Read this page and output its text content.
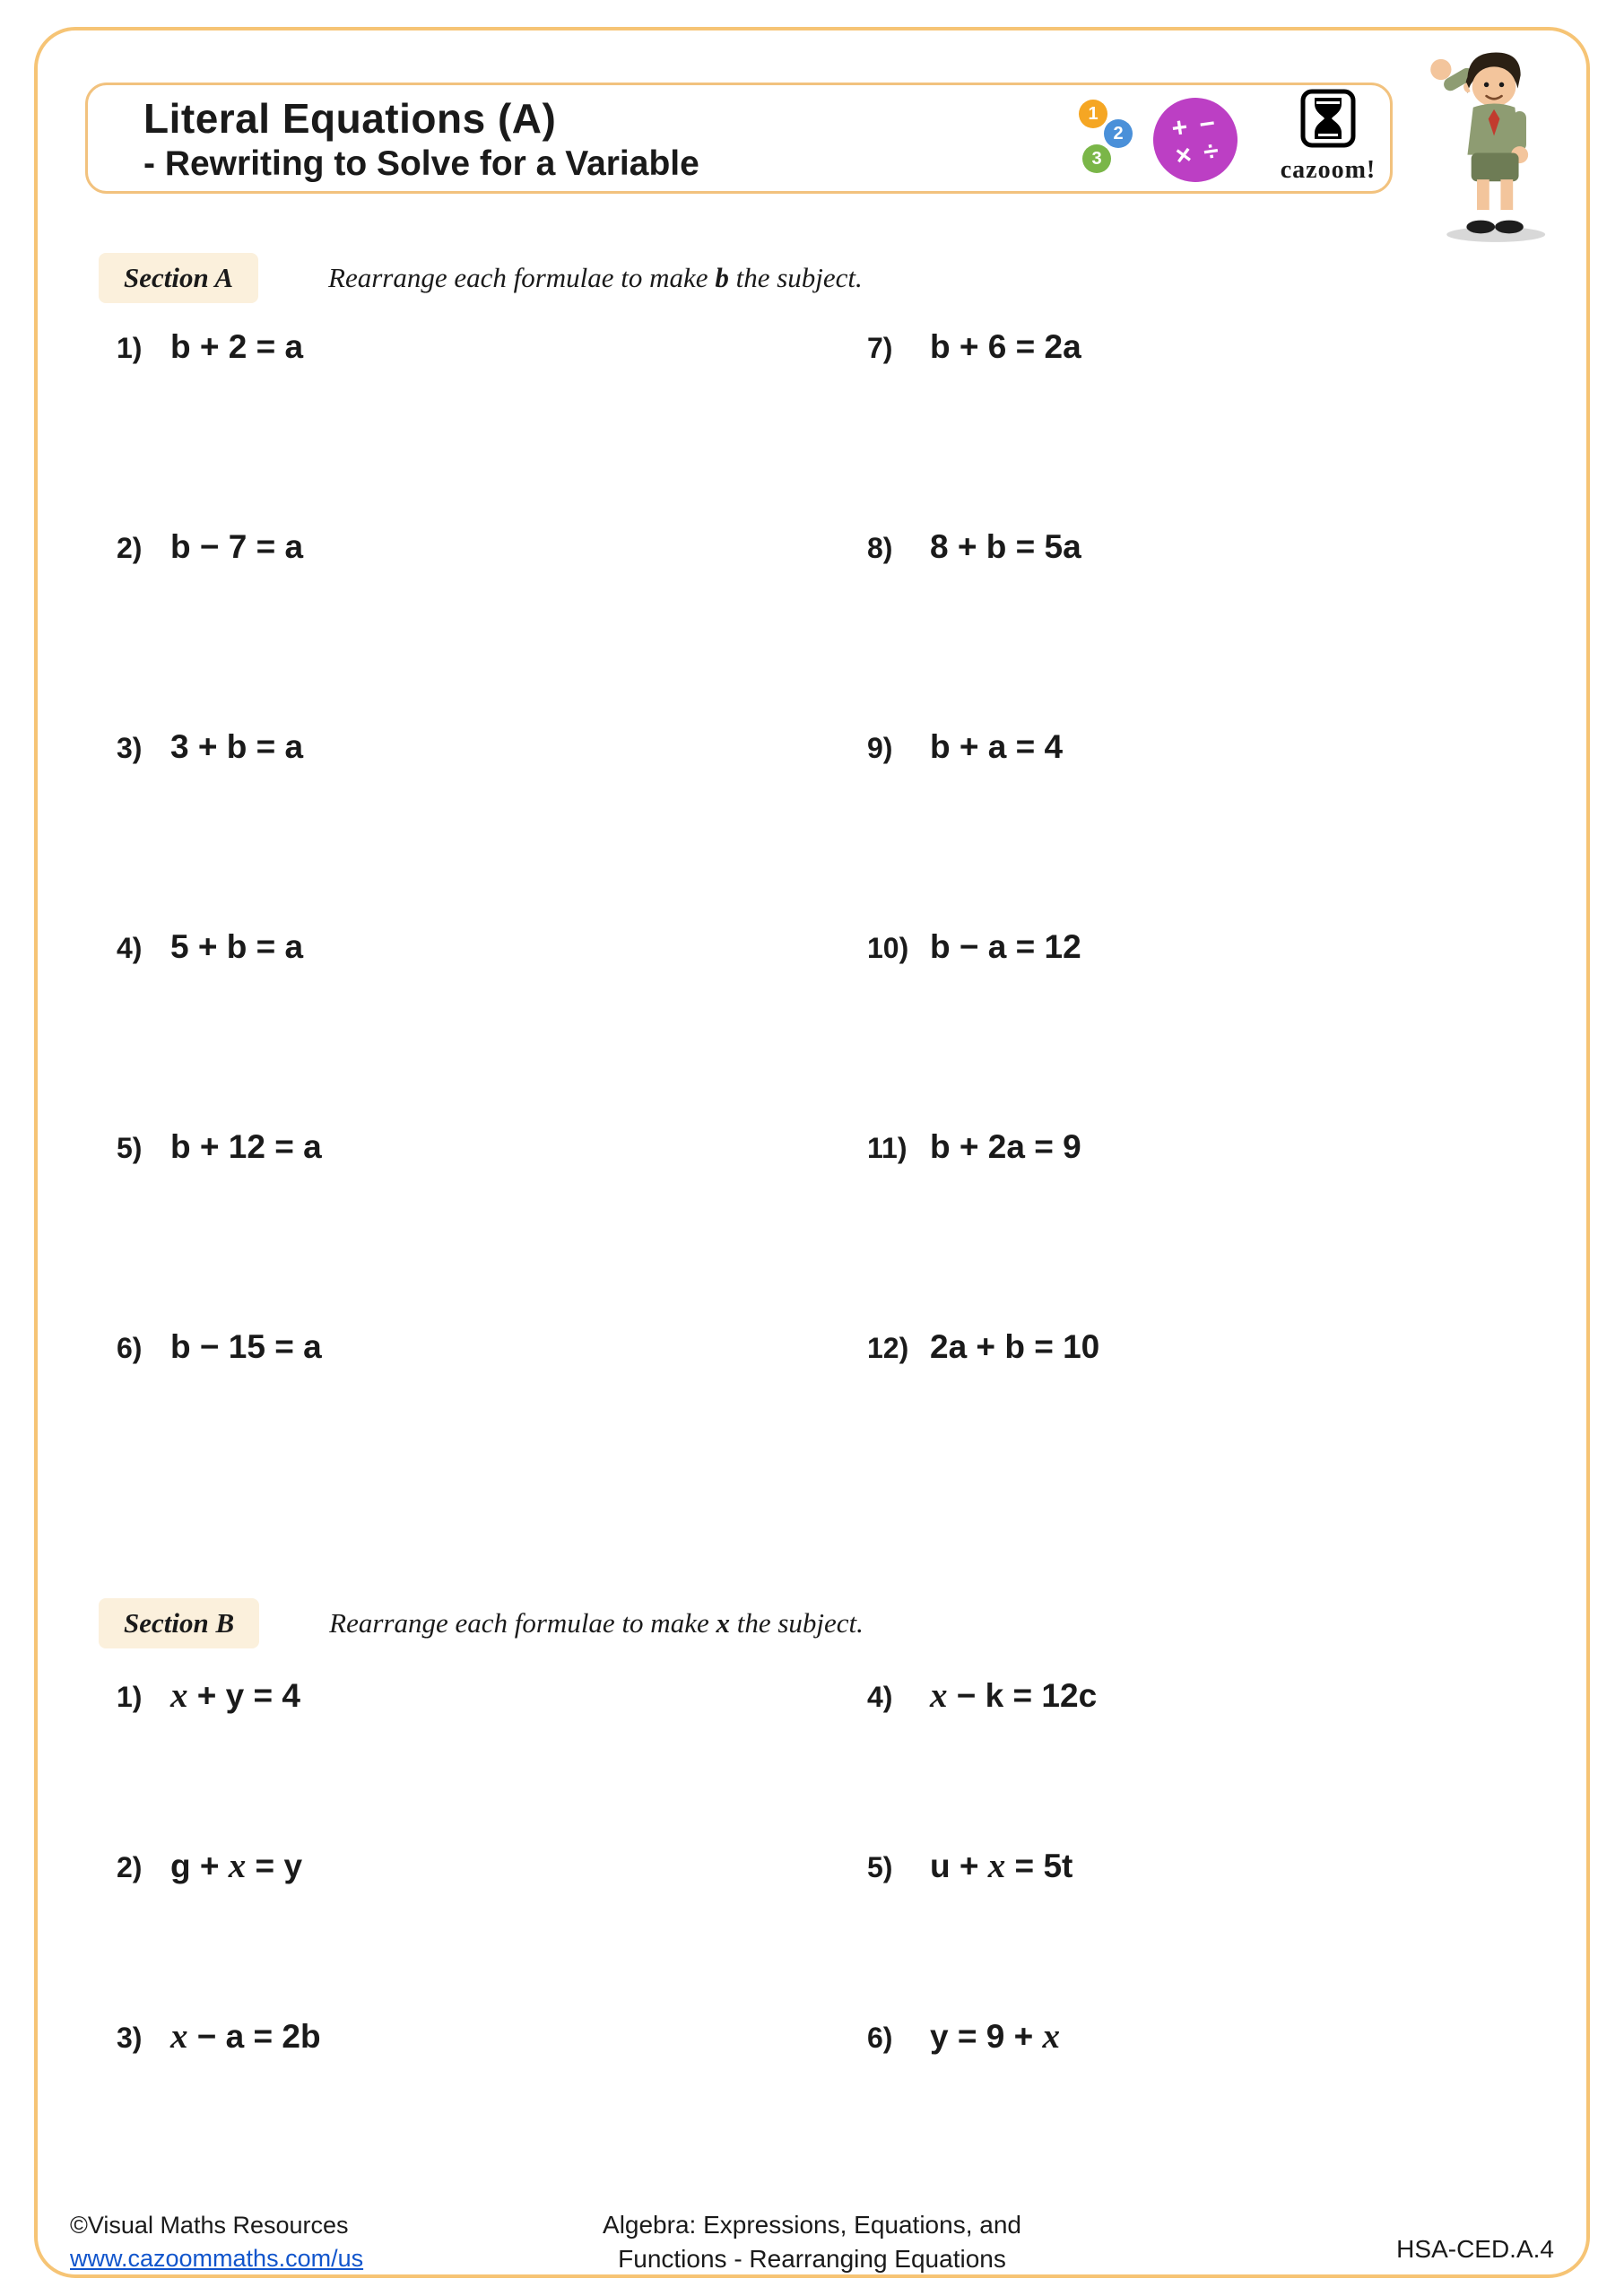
Literal Equations (A)
- Rewriting to Solve for a Variable
1
2
3
+ −
× ÷
cazoom!
Section A	Rearrange each formulae to make b the subject.
1) b + 2 = a	7)	b + 6 = 2a
2) b − 7 = a	8)	8 + b = 5a
3) 3 + b = a	9)	b + a = 4
4) 5 + b = a	10) b − a = 12
5) b + 12 = a	11) b + 2a = 9
6) b − 15 = a	12) 2a + b = 10
Section B	Rearrange each formulae to make x the subject.
1) x + y = 4	4)	x − k = 12c
2) g + x = y	5)	u + x = 5t
3) x − a = 2b	6)	y = 9 + x
©Visual Maths Resources
www.cazoommaths.com/us
Algebra: Expressions, Equations, and
Functions - Rearranging Equations	HSA-CED.A.4
